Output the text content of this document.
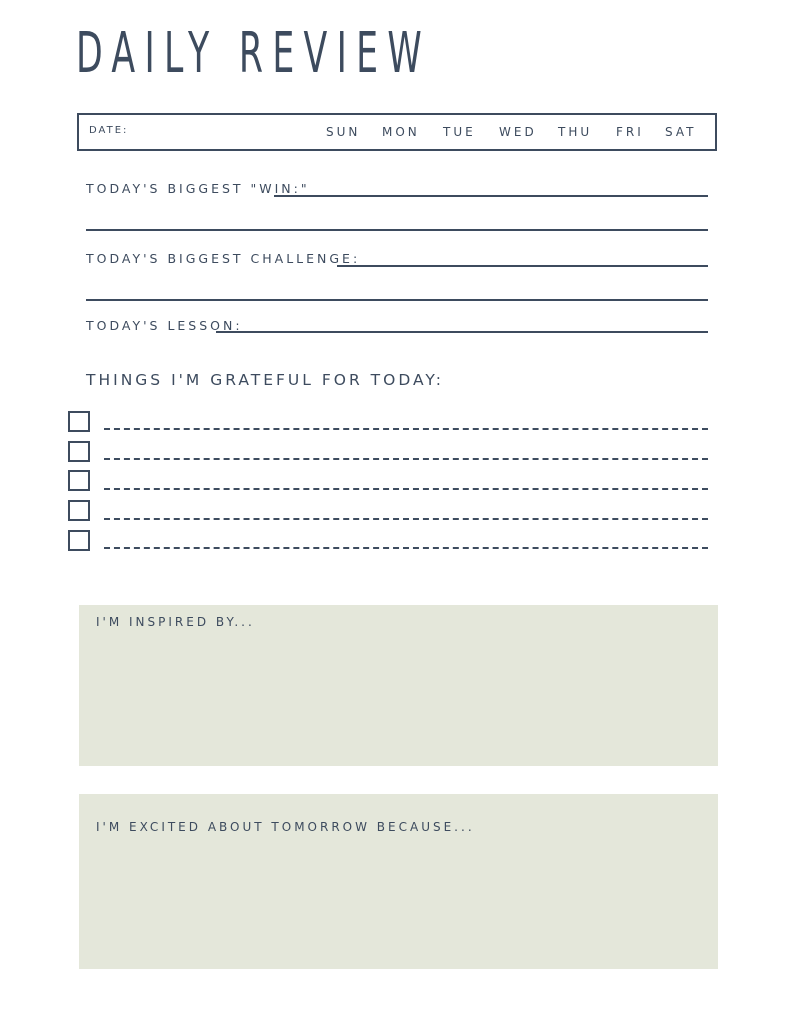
DAILY REVIEW
DATE:	SUN MON TUE WED THU FRI SAT
TODAY'S BIGGEST "WIN:"
TODAY'S BIGGEST CHALLENGE:
TODAY'S LESSON:
THINGS I'M GRATEFUL FOR TODAY:
I'M INSPIRED BY...
I'M EXCITED ABOUT TOMORROW BECAUSE...
